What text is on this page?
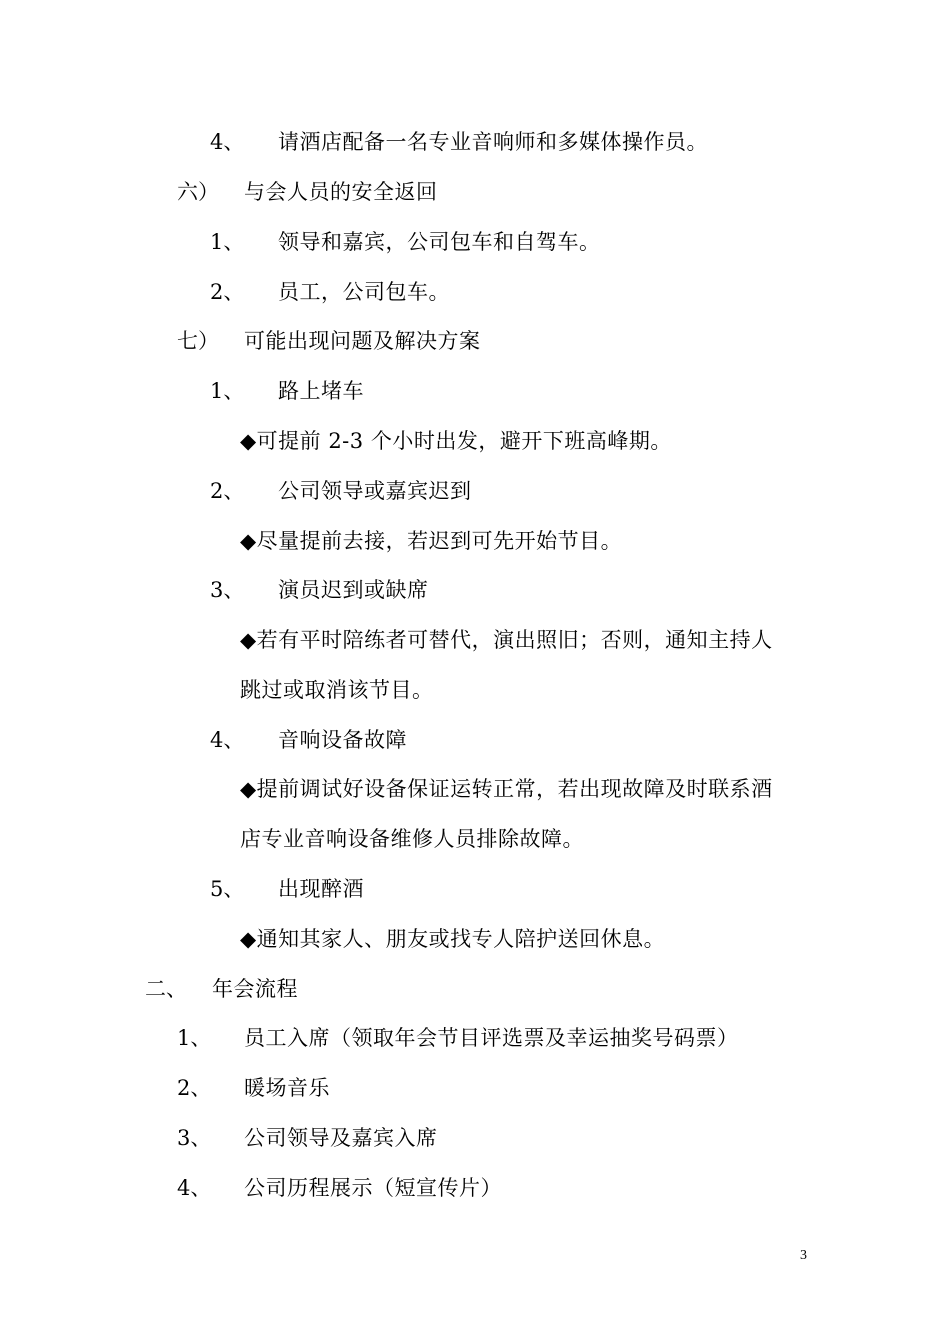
4、 请酒店配备一名专业音响师和多媒体操作员。
六） 与会人员的安全返回
1、 领导和嘉宾，公司包车和自驾车。
2、 员工，公司包车。
七） 可能出现问题及解决方案
1、 路上堵车
◆可提前 2-3 个小时出发，避开下班高峰期。
2、 公司领导或嘉宾迟到
◆尽量提前去接，若迟到可先开始节目。
3、 演员迟到或缺席
◆若有平时陪练者可替代，演出照旧；否则，通知主持人
跳过或取消该节目。
4、 音响设备故障
◆提前调试好设备保证运转正常，若出现故障及时联系酒
店专业音响设备维修人员排除故障。
5、 出现醉酒
◆通知其家人、朋友或找专人陪护送回休息。
二、 年会流程
1、 员工入席（领取年会节目评选票及幸运抽奖号码票）
2、 暖场音乐
3、 公司领导及嘉宾入席
4、 公司历程展示（短宣传片）
3
